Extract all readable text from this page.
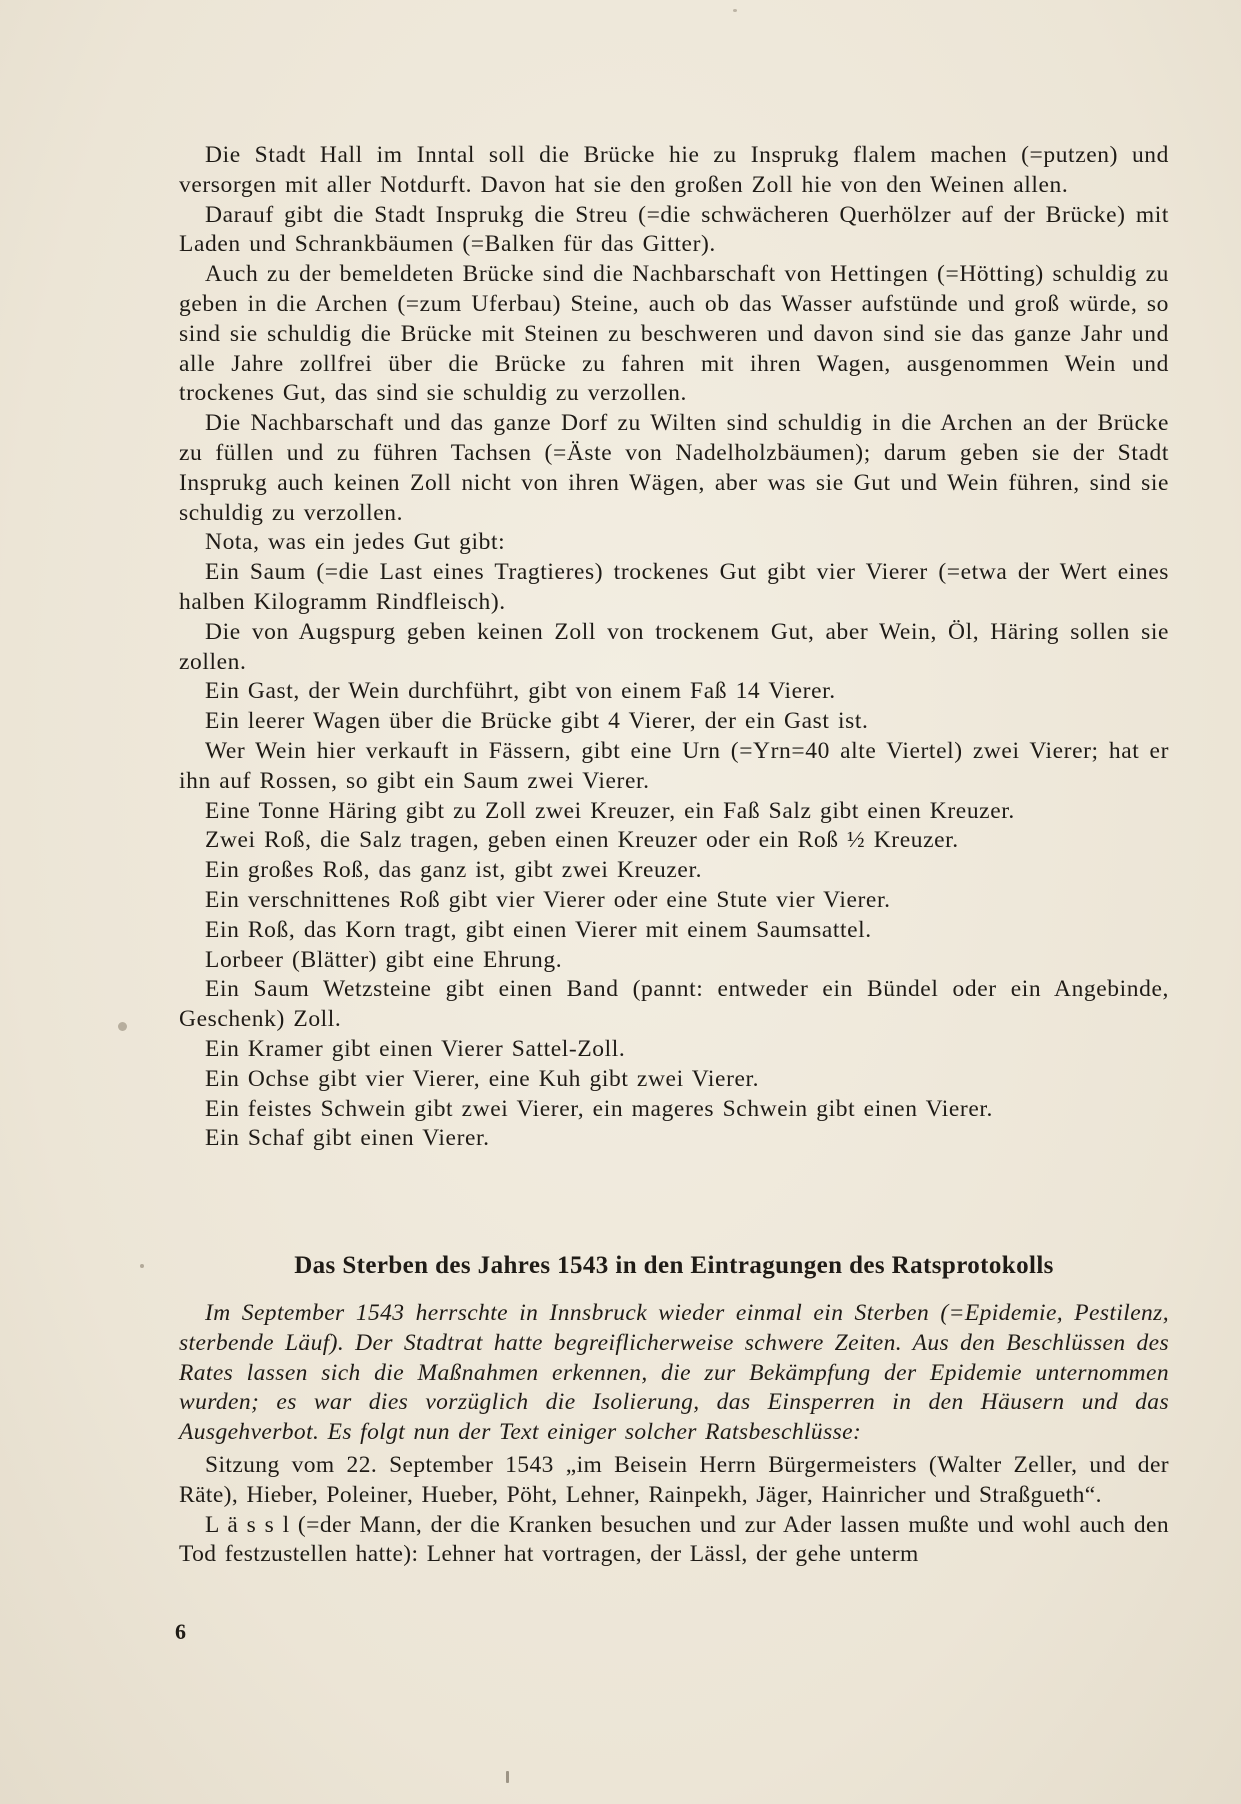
Die Stadt Hall im Inntal soll die Brücke hie zu Insprukg flalem machen (=putzen) und versorgen mit aller Notdurft. Davon hat sie den großen Zoll hie von den Weinen allen.

Darauf gibt die Stadt Insprukg die Streu (=die schwächeren Querhölzer auf der Brücke) mit Laden und Schrankbäumen (=Balken für das Gitter).

Auch zu der bemeldeten Brücke sind die Nachbarschaft von Hettingen (=Hötting) schuldig zu geben in die Archen (=zum Uferbau) Steine, auch ob das Wasser aufstünde und groß würde, so sind sie schuldig die Brücke mit Steinen zu beschweren und davon sind sie das ganze Jahr und alle Jahre zollfrei über die Brücke zu fahren mit ihren Wagen, ausgenommen Wein und trockenes Gut, das sind sie schuldig zu verzollen.

Die Nachbarschaft und das ganze Dorf zu Wilten sind schuldig in die Archen an der Brücke zu füllen und zu führen Tachsen (=Äste von Nadelholzbäumen); darum geben sie der Stadt Insprukg auch keinen Zoll nicht von ihren Wägen, aber was sie Gut und Wein führen, sind sie schuldig zu verzollen.

Nota, was ein jedes Gut gibt:

Ein Saum (=die Last eines Tragtieres) trockenes Gut gibt vier Vierer (=etwa der Wert eines halben Kilogramm Rindfleisch).

Die von Augspurg geben keinen Zoll von trockenem Gut, aber Wein, Öl, Häring sollen sie zollen.

Ein Gast, der Wein durchführt, gibt von einem Faß 14 Vierer.

Ein leerer Wagen über die Brücke gibt 4 Vierer, der ein Gast ist.

Wer Wein hier verkauft in Fässern, gibt eine Urn (=Yrn=40 alte Viertel) zwei Vierer; hat er ihn auf Rossen, so gibt ein Saum zwei Vierer.

Eine Tonne Häring gibt zu Zoll zwei Kreuzer, ein Faß Salz gibt einen Kreuzer.

Zwei Roß, die Salz tragen, geben einen Kreuzer oder ein Roß ½ Kreuzer.

Ein großes Roß, das ganz ist, gibt zwei Kreuzer.

Ein verschnittenes Roß gibt vier Vierer oder eine Stute vier Vierer.

Ein Roß, das Korn tragt, gibt einen Vierer mit einem Saumsattel.

Lorbeer (Blätter) gibt eine Ehrung.

Ein Saum Wetzsteine gibt einen Band (pannt: entweder ein Bündel oder ein Angebinde, Geschenk) Zoll.

Ein Kramer gibt einen Vierer Sattel-Zoll.

Ein Ochse gibt vier Vierer, eine Kuh gibt zwei Vierer.

Ein feistes Schwein gibt zwei Vierer, ein mageres Schwein gibt einen Vierer.

Ein Schaf gibt einen Vierer.

Das Sterben des Jahres 1543 in den Eintragungen des Ratsprotokolls

Im September 1543 herrschte in Innsbruck wieder einmal ein Sterben (=Epidemie, Pestilenz, sterbende Läuf). Der Stadtrat hatte begreiflicherweise schwere Zeiten. Aus den Beschlüssen des Rates lassen sich die Maßnahmen erkennen, die zur Bekämpfung der Epidemie unternommen wurden; es war dies vorzüglich die Isolierung, das Einsperren in den Häusern und das Ausgehverbot. Es folgt nun der Text einiger solcher Ratsbeschlüsse:

Sitzung vom 22. September 1543 „im Beisein Herrn Bürgermeisters (Walter Zeller, und der Räte), Hieber, Poleiner, Hueber, Pöht, Lehner, Rainpekh, Jäger, Hainricher und Straßgueth“.

L ä s s l (=der Mann, der die Kranken besuchen und zur Ader lassen mußte und wohl auch den Tod festzustellen hatte): Lehner hat vortragen, der Lässl, der gehe unterm

6
